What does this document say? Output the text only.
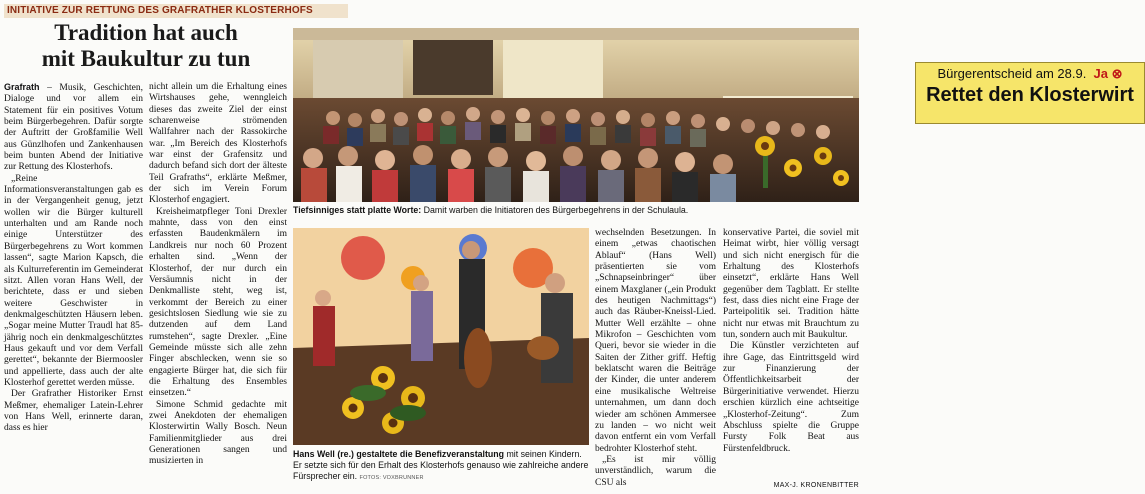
INITIATIVE ZUR RETTUNG DES GRAFRATHER KLOSTERHOFS
Tradition hat auch
mit Baukultur zu tun

Grafrath – Musik, Geschichten, Dialoge und vor allem ein Statement für ein positives Votum beim Bürgerbegehren. Dafür sorgte der Auftritt der Großfamilie Well aus Günzlhofen und Zankenhausen beim bunten Abend der Initiative zur Rettung des Klosterhofs.

„Reine Informationsveranstaltungen gab es in der Vergangenheit genug, jetzt wollen wir die Bürger kulturell unterhalten und am Rande noch einige Unterstützer des Bürgerbegehrens zu Wort kommen lassen“, sagte Marion Kapsch, die als Kulturreferentin im Gemeinderat sitzt. Allen voran Hans Well, der berichtete, dass er und sieben weitere Geschwister in denkmalgeschützten Häusern leben. „Sogar meine Mutter Traudl hat 85-jährig noch ein denkmalgeschütztes Haus gekauft und vor dem Verfall gerettet“, bekannte der Biermoosler und appellierte, dass auch der alte Klosterhof gerettet werden müsse.

Der Grafrather Historiker Ernst Meßmer, ehemaliger Latein-Lehrer von Hans Well, erinnerte daran, dass es hier

nicht allein um die Erhaltung eines Wirtshauses gehe, wenngleich dieses das zweite Ziel der einst scharenweise strömenden Wallfahrer nach der Rassokirche war. „Im Bereich des Klosterhofs war einst der Grafensitz und dadurch befand sich dort der älteste Teil Grafraths“, erklärte Meßmer, der sich im Verein Forum Klosterhof engagiert.

Kreisheimatpfleger Toni Drexler mahnte, dass von den einst erfassten Baudenkmälern im Landkreis nur noch 60 Prozent erhalten sind. „Wenn der Klosterhof, der nur durch ein Versäumnis nicht in der Denkmalliste steht, weg ist, verkommt der Bereich zu einer gesichtslosen Siedlung wie sie zu dutzenden auf dem Land rumstehen“, sagte Drexler. „Eine Gemeinde müsste sich alle zehn Finger abschlecken, wenn sie so engagierte Bürger hat, die sich für die Erhaltung des Ensembles einsetzen.“

Simone Schmid gedachte mit zwei Anekdoten der ehemaligen Klosterwirtin Wally Bosch. Neun Familienmitglieder aus drei Generationen sangen und musizierten in

Bürgerentscheid am 28.9. Ja ⊗
Rettet den Klosterwirt
Tiefsinniges statt platte Worte: Damit warben die Initiatoren des Bürgerbegehrens in der Schulaula.
Hans Well (re.) gestaltete die Benefizveranstaltung mit seinen Kindern. Er setzte sich für den Erhalt des Klosterhofs genauso wie zahlreiche andere Fürsprecher ein. FOTOS: VOXBRUNNER

wechselnden Besetzungen. In einem „etwas chaotischen Ablauf“ (Hans Well) präsentierten sie vom „Schnapseinbringer“ über einem Maxglaner („ein Produkt des heutigen Nachmittags“) auch das Räuber-Kneissl-Lied. Mutter Well erzählte – ohne Mikrofon – Geschichten vom Queri, bevor sie wieder in die Saiten der Zither griff. Heftig beklatscht waren die Beiträge der Kinder, die unter anderem eine musikalische Weltreise unternahmen, um dann doch wieder am schönen Ammersee zu landen – wo nicht weit davon entfernt ein vom Verfall bedrohter Klosterhof steht.

„Es ist mir völlig unverständlich, warum die CSU als

konservative Partei, die soviel mit Heimat wirbt, hier völlig versagt und sich nicht energisch für die Erhaltung des Klosterhofs einsetzt“, erklärte Hans Well gegenüber dem Tagblatt. Er stellte fest, dass dies nicht eine Frage der Parteipolitik sei. Tradition hätte nicht nur etwas mit Brauchtum zu tun, sondern auch mit Baukultur.

Die Künstler verzichteten auf ihre Gage, das Eintrittsgeld wird zur Finanzierung der Öffentlichkeitsarbeit der Bürgerinitiative verwendet. Hierzu erschien kürzlich eine achtseitige „Klosterhof-Zeitung“. Zum Abschluss spielte die Gruppe Fursty Folk Beat aus Fürstenfeldbruck.

MAX-J. KRONENBITTER
